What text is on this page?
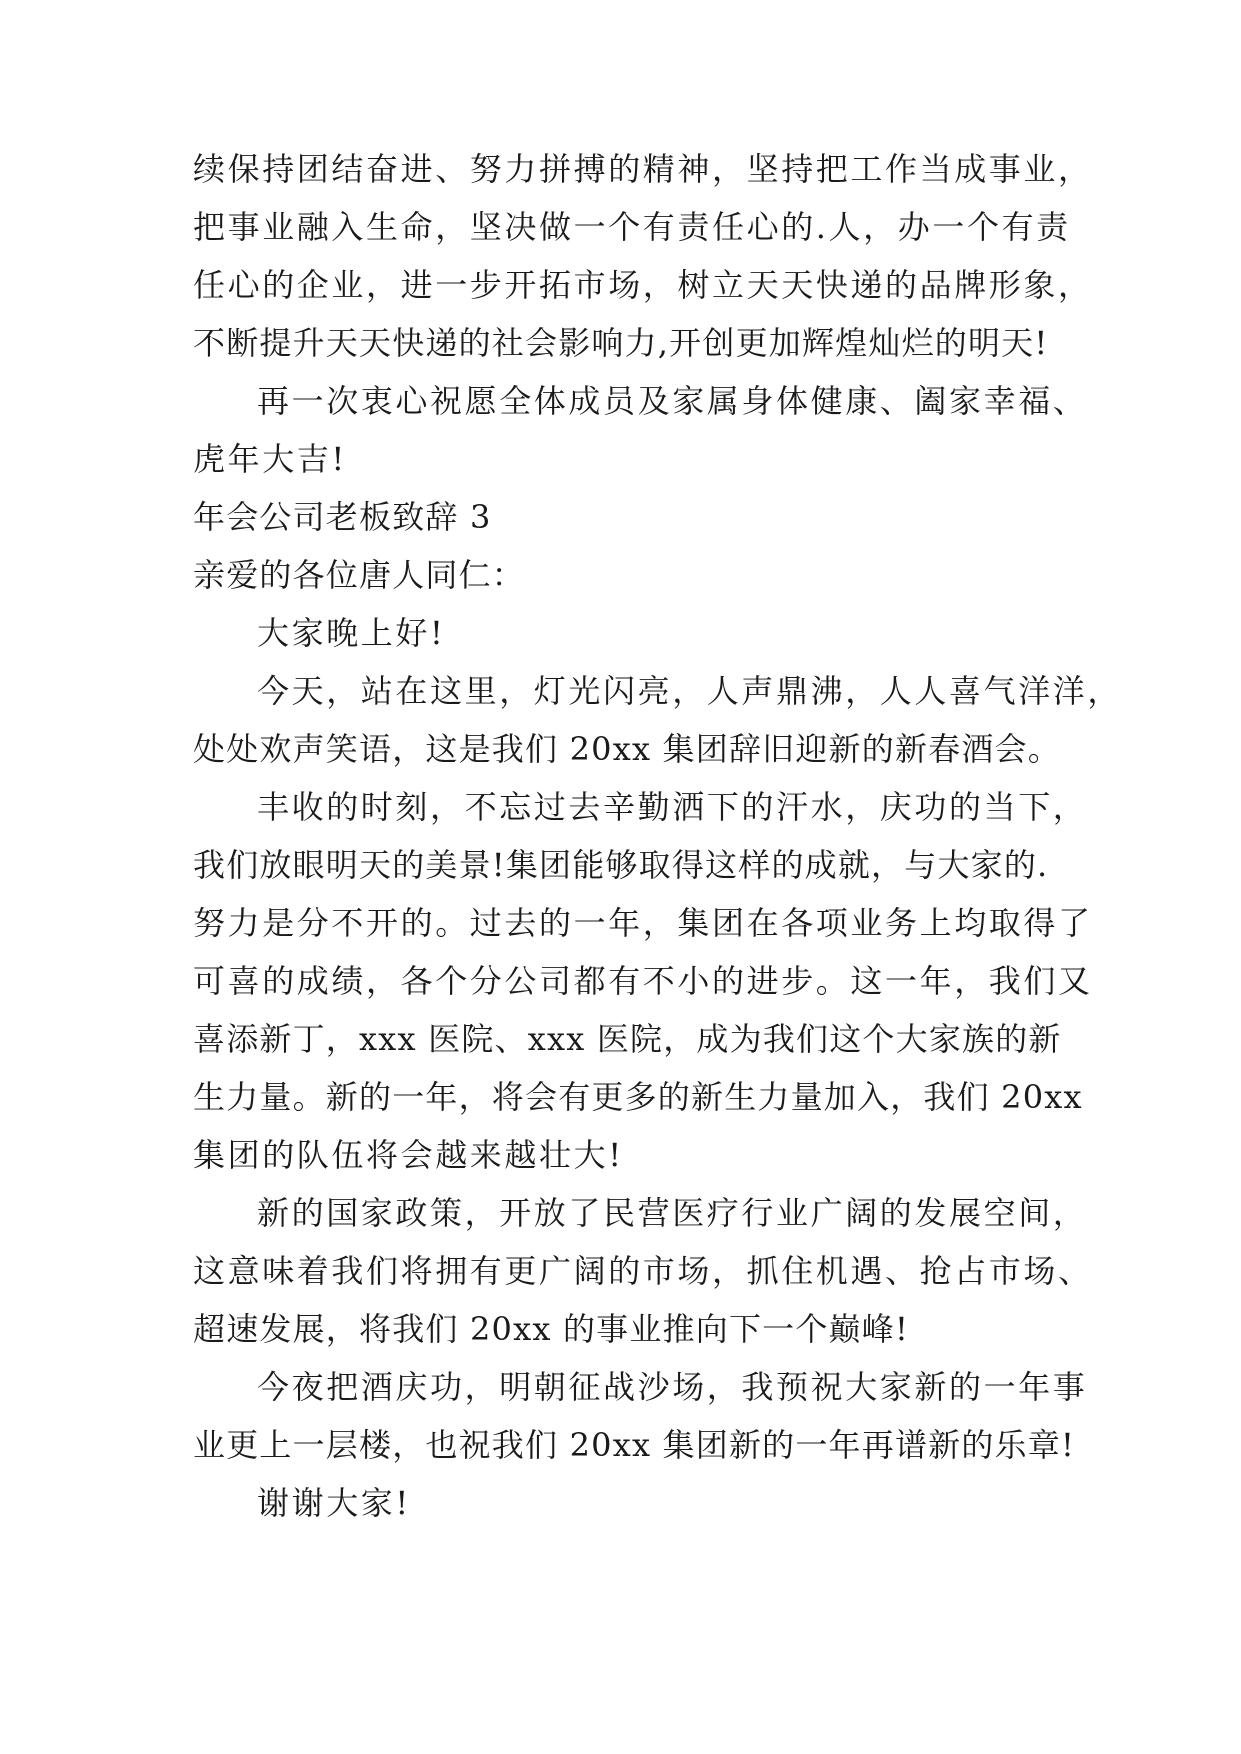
续保持团结奋进、努力拼搏的精神，坚持把工作当成事业，

把事业融入生命，坚决做一个有责任心的.人，办一个有责

任心的企业，进一步开拓市场，树立天天快递的品牌形象，

不断提升天天快递的社会影响力,开创更加辉煌灿烂的明天!

再一次衷心祝愿全体成员及家属身体健康、阖家幸福、

虎年大吉!

年会公司老板致辞 3

亲爱的各位唐人同仁：

大家晚上好!

今天，站在这里，灯光闪亮，人声鼎沸，人人喜气洋洋，

处处欢声笑语，这是我们 20xx 集团辞旧迎新的新春酒会。

丰收的时刻，不忘过去辛勤洒下的汗水，庆功的当下，

我们放眼明天的美景!集团能够取得这样的成就，与大家的.

努力是分不开的。过去的一年，集团在各项业务上均取得了

可喜的成绩，各个分公司都有不小的进步。这一年，我们又

喜添新丁，xxx 医院、xxx 医院，成为我们这个大家族的新

生力量。新的一年，将会有更多的新生力量加入，我们 20xx

集团的队伍将会越来越壮大!

新的国家政策，开放了民营医疗行业广阔的发展空间，

这意味着我们将拥有更广阔的市场，抓住机遇、抢占市场、

超速发展，将我们 20xx 的事业推向下一个巅峰!

今夜把酒庆功，明朝征战沙场，我预祝大家新的一年事

业更上一层楼，也祝我们 20xx 集团新的一年再谱新的乐章!

谢谢大家!
